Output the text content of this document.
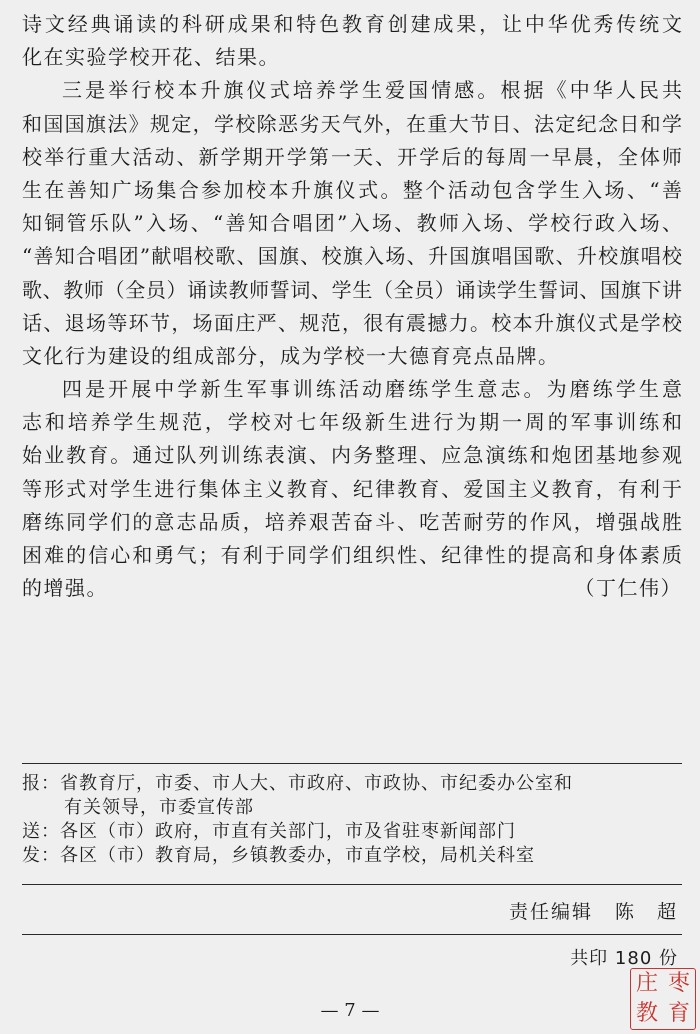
诗文经典诵读的科研成果和特色教育创建成果，让中华优秀传统文
化在实验学校开花、结果。
三是举行校本升旗仪式培养学生爱国情感。根据《中华人民共
和国国旗法》规定，学校除恶劣天气外，在重大节日、法定纪念日和学
校举行重大活动、新学期开学第一天、开学后的每周一早晨，全体师
生在善知广场集合参加校本升旗仪式。整个活动包含学生入场、“善
知铜管乐队”入场、“善知合唱团”入场、教师入场、学校行政入场、
“善知合唱团”献唱校歌、国旗、校旗入场、升国旗唱国歌、升校旗唱校
歌、教师（全员）诵读教师誓词、学生（全员）诵读学生誓词、国旗下讲
话、退场等环节，场面庄严、规范，很有震撼力。校本升旗仪式是学校
文化行为建设的组成部分，成为学校一大德育亮点品牌。
四是开展中学新生军事训练活动磨练学生意志。为磨练学生意
志和培养学生规范，学校对七年级新生进行为期一周的军事训练和
始业教育。通过队列训练表演、内务整理、应急演练和炮团基地参观
等形式对学生进行集体主义教育、纪律教育、爱国主义教育，有利于
磨练同学们的意志品质，培养艰苦奋斗、吃苦耐劳的作风，增强战胜
困难的信心和勇气；有利于同学们组织性、纪律性的提高和身体素质
的增强。	（丁仁伟）
报：省教育厅，市委、市人大、市政府、市政协、市纪委办公室和
有关领导，市委宣传部
送：各区（市）政府，市直有关部门，市及省驻枣新闻部门
发：各区（市）教育局，乡镇教委办，市直学校，局机关科室
责任编辑 陈　超
共印 180 份
— 7 —
庄 枣
教 育
